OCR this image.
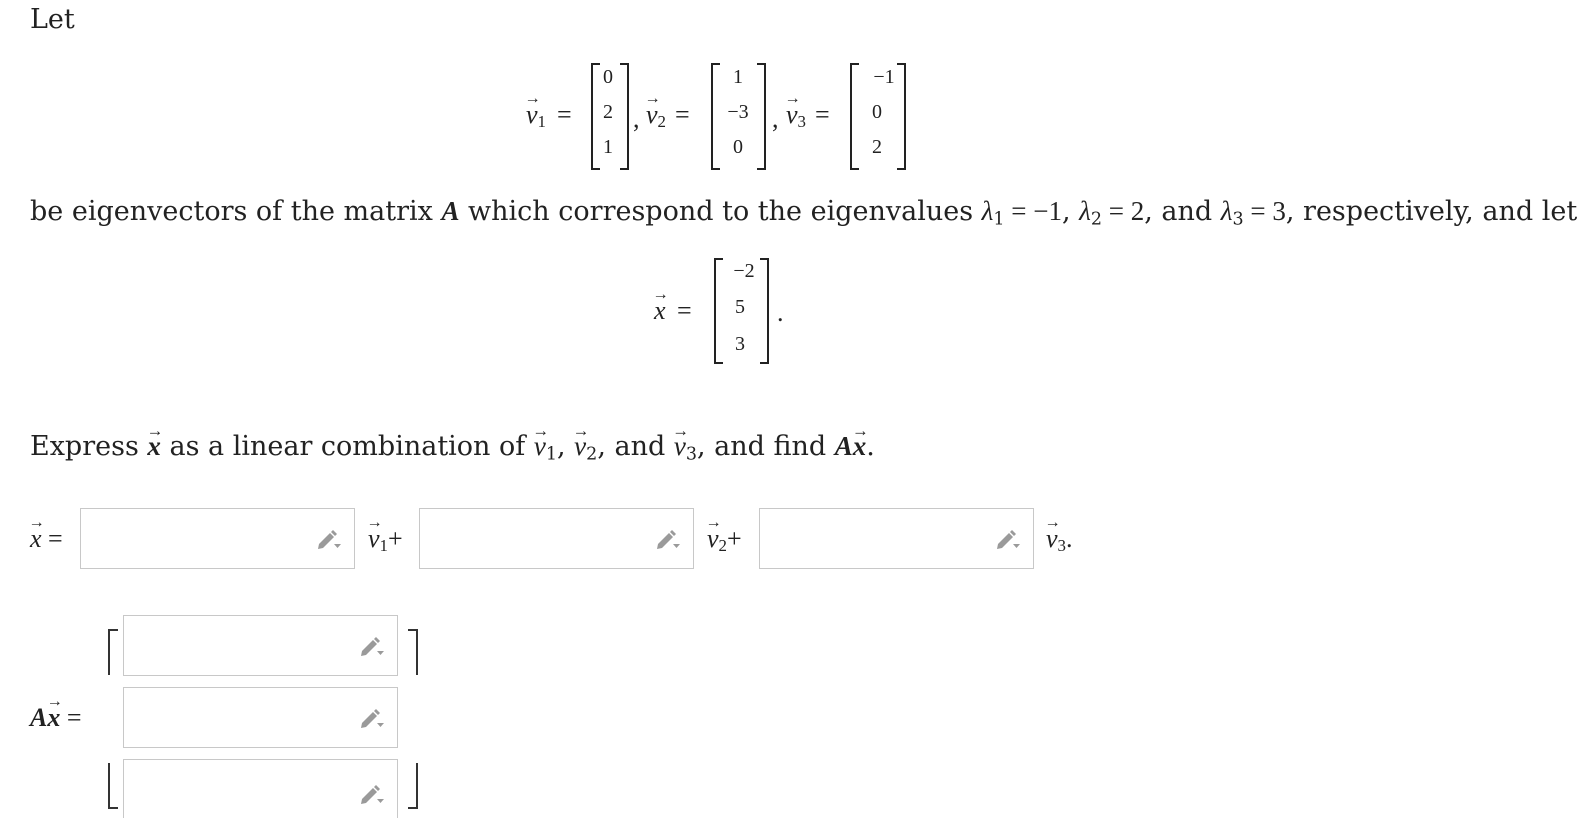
Let
→ $v_1$ =
0
2
1
, → $v_2$ =
1
−3
0
, → $v_3$ =
−1
0
2
be eigenvectors of the matrix A which correspond to the eigenvalues $\lambda_1 = -1$, $\lambda_2 = 2$, and $\lambda_3 = 3$, respectively, and let
→ x =
−2
5
3
.
Express → x as a linear combination of → $v_1$, → $v_2$, and → $v_3$, and find A→ x.
→ x =	→ $v_1+$	→ $v_2+$	→ $v_3$.
A→ x =
